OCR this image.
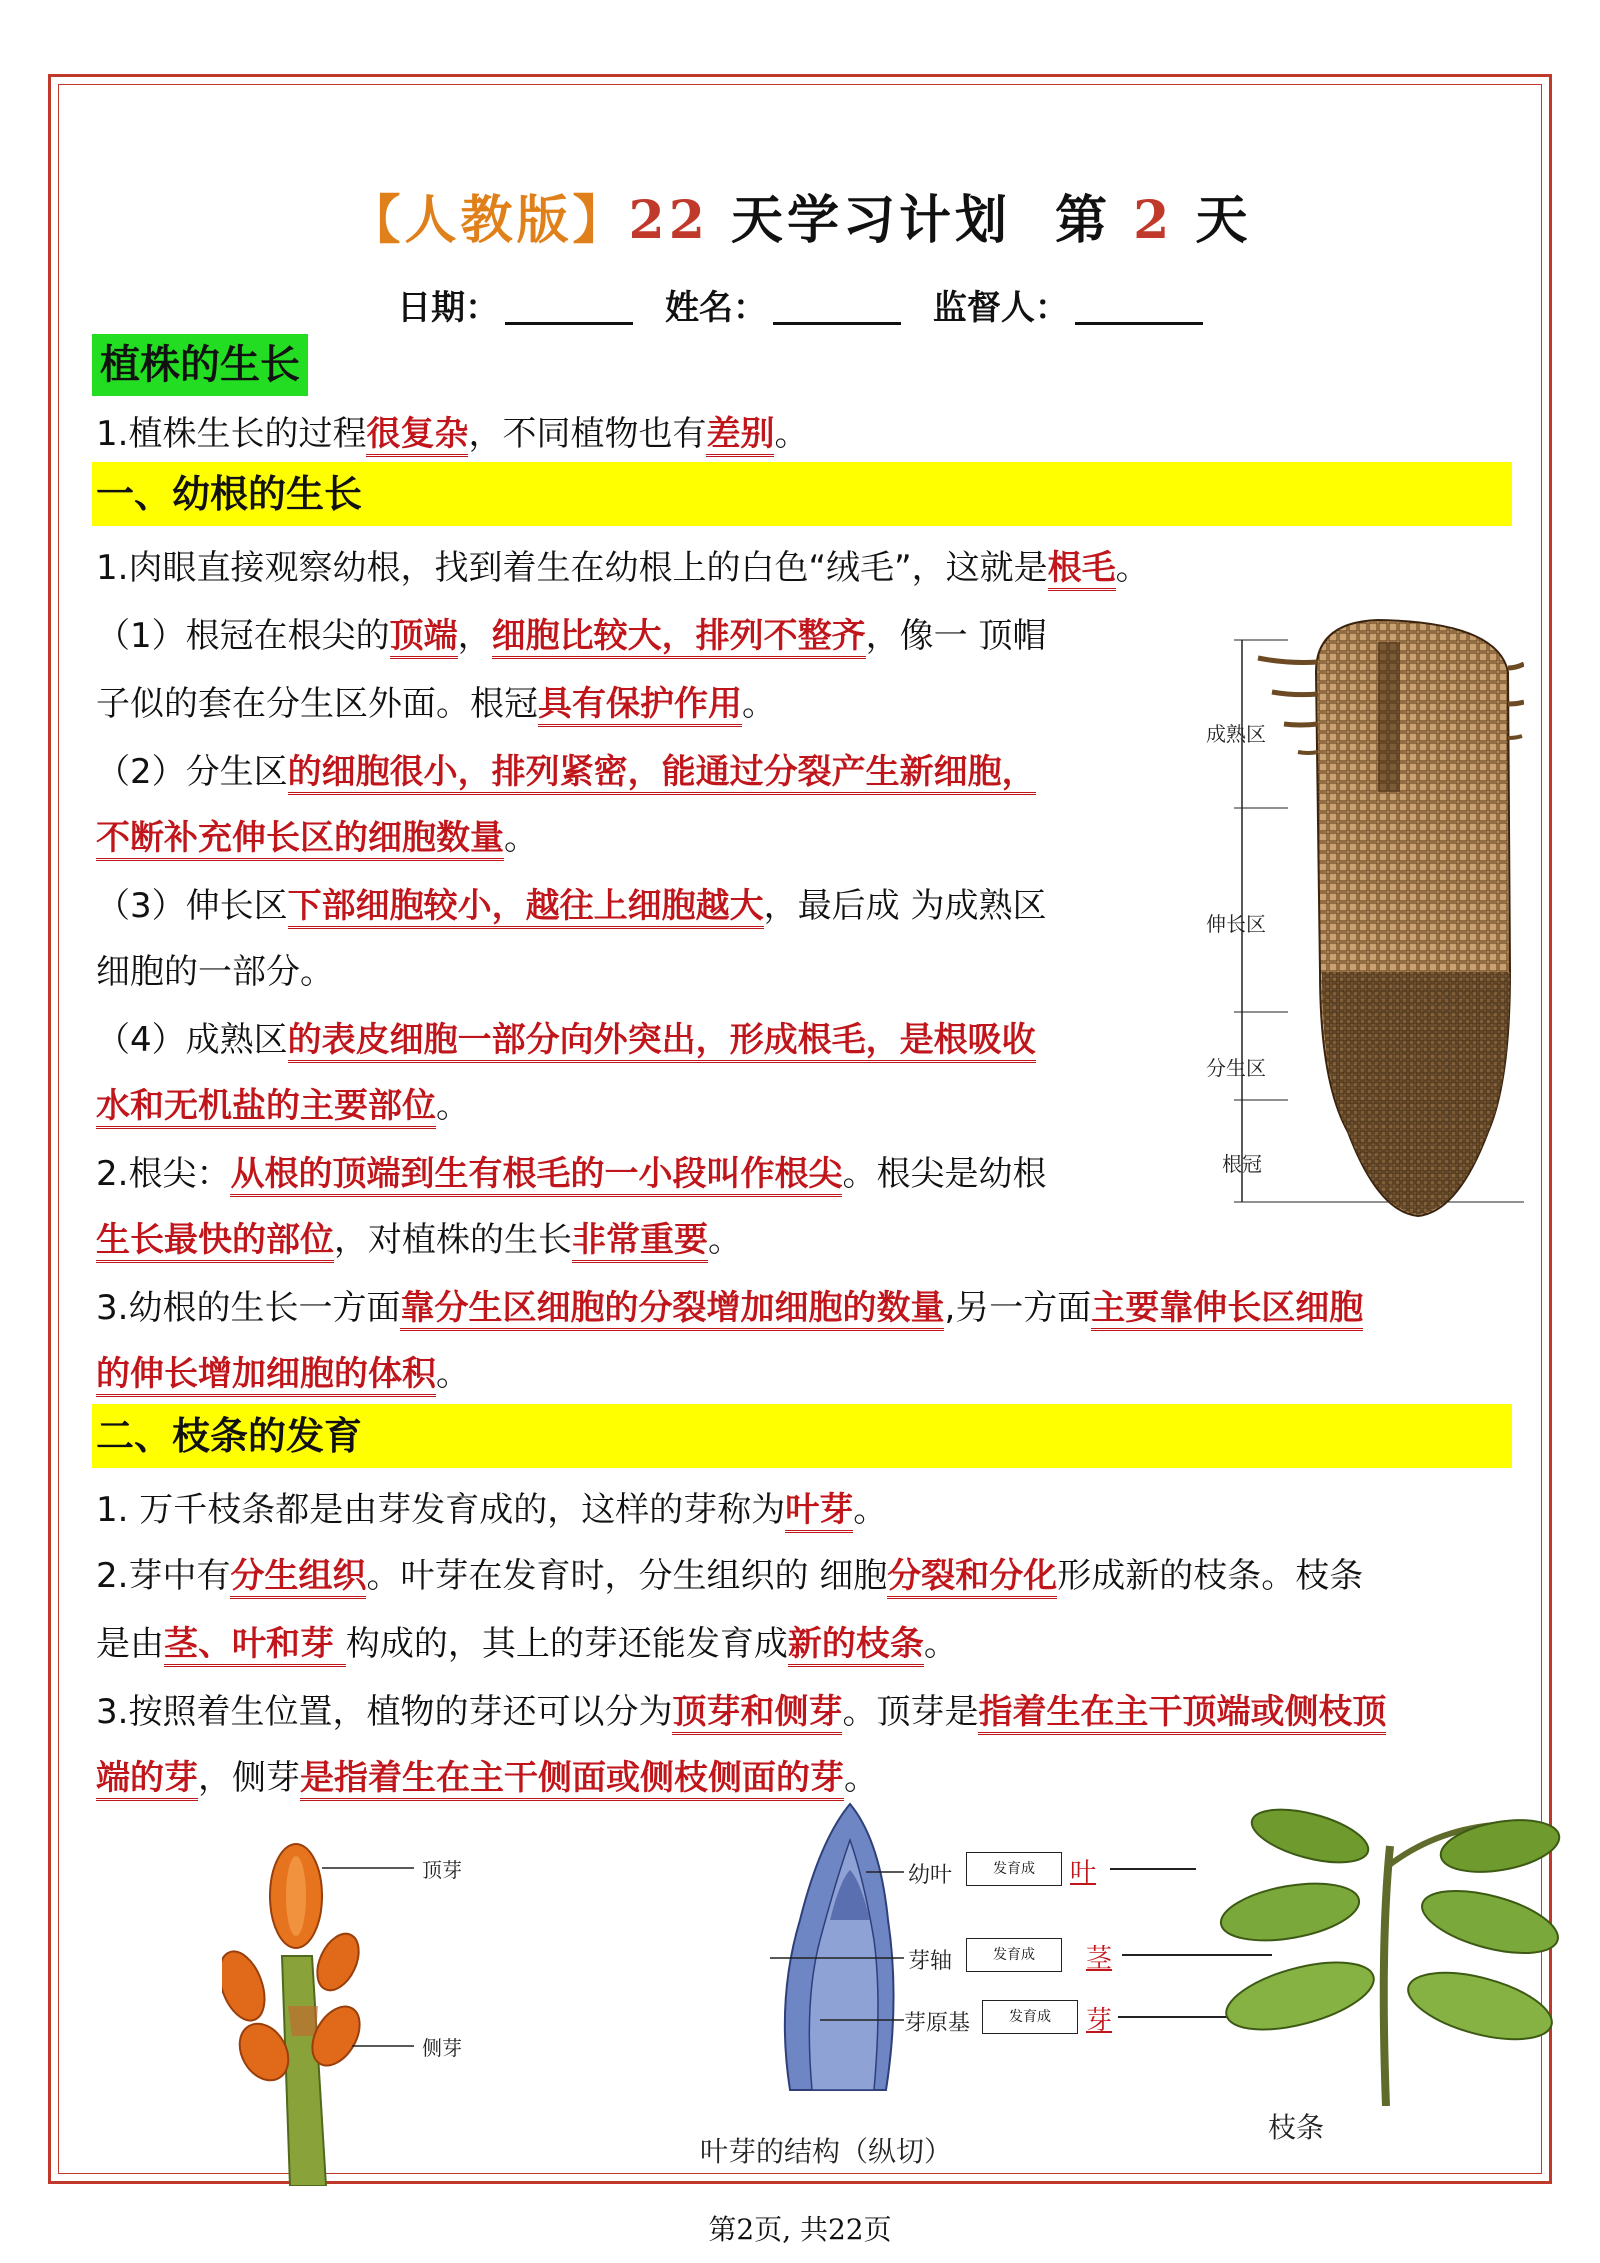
【人教版】22 天学习计划 第 2 天
日期：	姓名：	监督人：
植株的生长
1.植株生长的过程很复杂，不同植物也有差别。
一、幼根的生长
1.肉眼直接观察幼根，找到着生在幼根上的白色“绒毛”，这就是根毛。
（1）根冠在根尖的顶端，细胞比较大，排列不整齐，像一 顶帽
子似的套在分生区外面。根冠具有保护作用。
（2）分生区的细胞很小，排列紧密，能通过分裂产生新细胞，
不断补充伸长区的细胞数量。
（3）伸长区下部细胞较小，越往上细胞越大，最后成 为成熟区
细胞的一部分。
（4）成熟区的表皮细胞一部分向外突出，形成根毛，是根吸收
水和无机盐的主要部位。
2.根尖：从根的顶端到生有根毛的一小段叫作根尖。根尖是幼根
生长最快的部位，对植株的生长非常重要。
3.幼根的生长一方面靠分生区细胞的分裂增加细胞的数量,另一方面主要靠伸长区细胞
的伸长增加细胞的体积。
成熟区
伸长区
分生区
根冠
二、枝条的发育
1. 万千枝条都是由芽发育成的，这样的芽称为叶芽。
2.芽中有分生组织。叶芽在发育时，分生组织的 细胞分裂和分化形成新的枝条。枝条
是由茎、叶和芽 构成的，其上的芽还能发育成新的枝条。
3.按照着生位置，植物的芽还可以分为顶芽和侧芽。顶芽是指着生在主干顶端或侧枝顶
端的芽，侧芽是指着生在主干侧面或侧枝侧面的芽。
顶芽
侧芽
幼叶
芽轴
芽原基
发育成
发育成
发育成
叶
茎
芽
叶芽的结构（纵切）
枝条
第2页, 共22页
